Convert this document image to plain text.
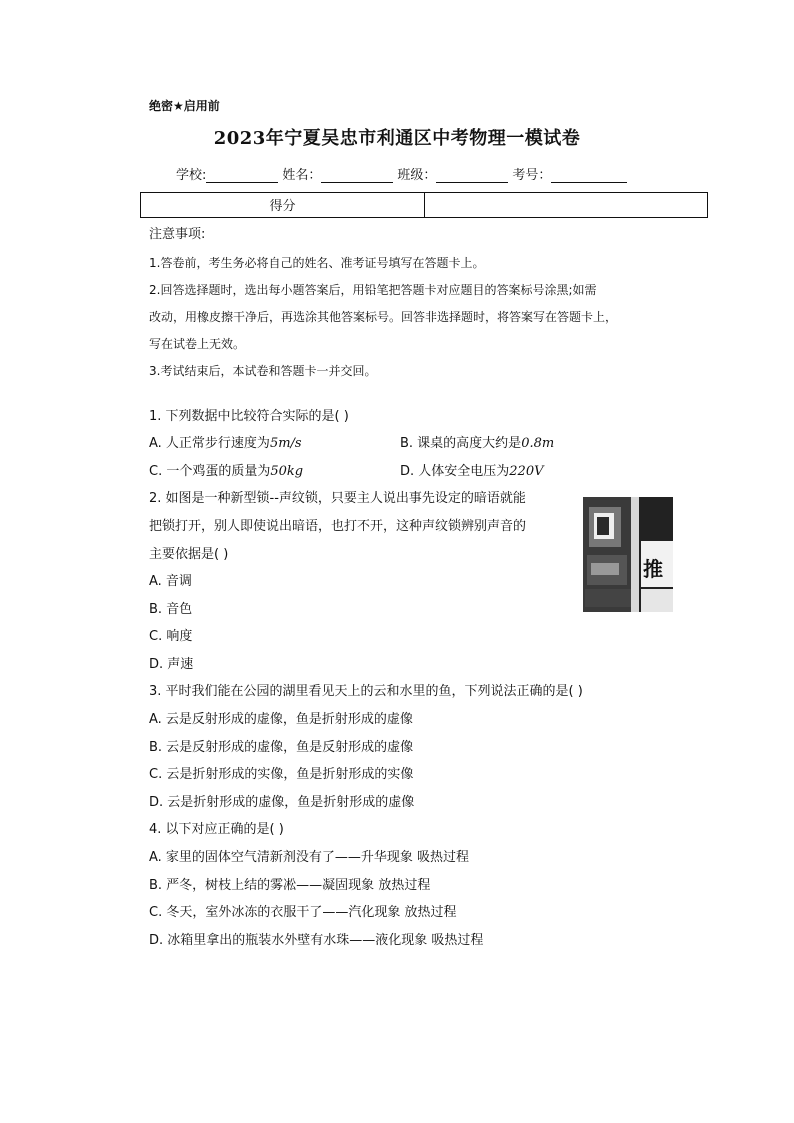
绝密★启用前
2023年宁夏吴忠市利通区中考物理一模试卷
学校:	姓名：	班级：	考号：
得分
注意事项:
1.答卷前，考生务必将自己的姓名、准考证号填写在答题卡上。
2.回答选择题时，选出每小题答案后，用铅笔把答题卡对应题目的答案标号涂黑;如需
改动，用橡皮擦干净后，再选涂其他答案标号。回答非选择题时，将答案写在答题卡上，
写在试卷上无效。
3.考试结束后，本试卷和答题卡一并交回。
1. 下列数据中比较符合实际的是( )
A. 人正常步行速度为5m/s	B. 课桌的高度大约是0.8m
C. 一个鸡蛋的质量为50kg	D. 人体安全电压为220V
2. 如图是一种新型锁--声纹锁，只要主人说出事先设定的暗语就能
把锁打开，别人即使说出暗语，也打不开，这种声纹锁辨别声音的
主要依据是( )
A. 音调
B. 音色
C. 响度
D. 声速
推
3. 平时我们能在公园的湖里看见天上的云和水里的鱼，下列说法正确的是( )
A. 云是反射形成的虚像，鱼是折射形成的虚像
B. 云是反射形成的虚像，鱼是反射形成的虚像
C. 云是折射形成的实像，鱼是折射形成的实像
D. 云是折射形成的虚像，鱼是折射形成的虚像
4. 以下对应正确的是( )
A. 家里的固体空气清新剂没有了——升华现象 吸热过程
B. 严冬，树枝上结的雾凇——凝固现象 放热过程
C. 冬天，室外冰冻的衣服干了——汽化现象 放热过程
D. 冰箱里拿出的瓶装水外壁有水珠——液化现象 吸热过程
